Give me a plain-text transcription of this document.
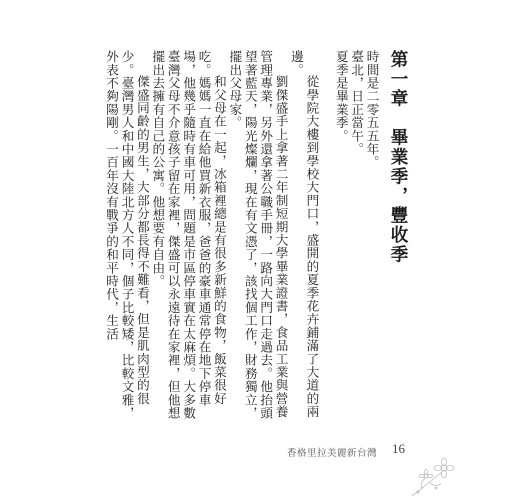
第一章　畢業季，豐收季

時間是二零五五年。

臺北，日正當午。

夏季是畢業季。

從學院大樓到學校大門口，盛開的夏季花卉鋪滿了大道的兩邊。

劉傑盛手上拿著二年制短期大學畢業證書，食品工業與營養管理專業，另外還拿著公職手冊，一路向大門口走過去。他抬頭望著藍天，陽光燦爛，現在有文憑了，該找個工作，財務獨立，擺出父母家。

和父母在一起，冰箱裡總是有很多新鮮的食物，飯菜很好吃。媽媽一直在給他買新衣服，爸爸的豪車通常停在地下停車場，他幾乎隨時有車可用，問題是市區停車實在太麻煩。大多數臺灣父母不介意孩子留在家裡，傑盛可以永遠待在家裡，但他想擺出去擁有自己的公寓。他想要有自由。

傑盛同齡的男生，大部分都長得不難看，但是肌肉型的很少。臺灣男人和中國大陸北方人不同，個子比較矮，比較文雅，外表不夠陽剛。一百年沒有戰爭的和平時代，生活

香格里拉美麗新台灣 16
